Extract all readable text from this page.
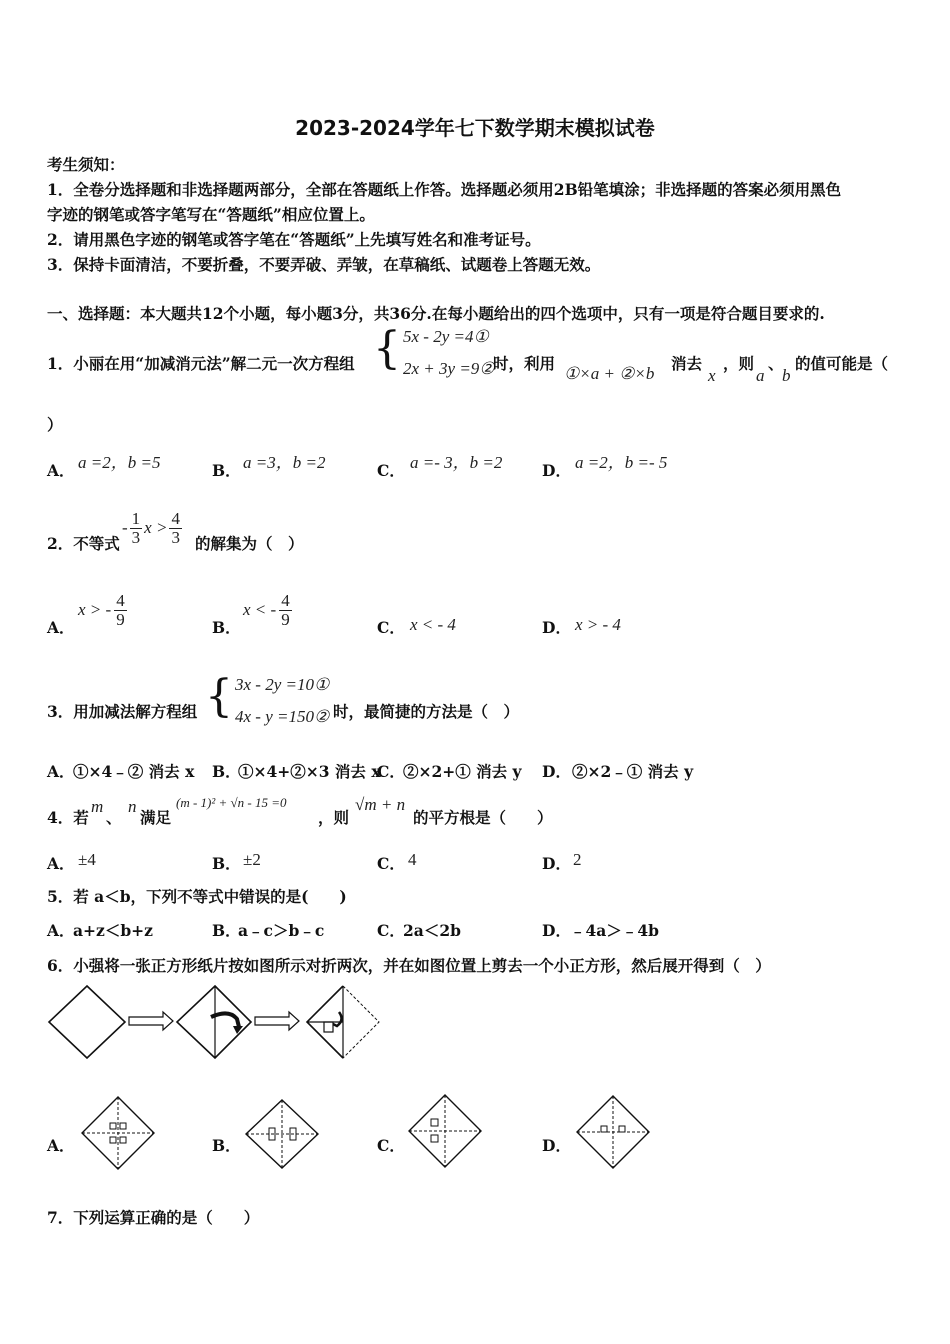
2023-2024学年七下数学期末模拟试卷
考生须知：
1．全卷分选择题和非选择题两部分，全部在答题纸上作答。选择题必须用2B铅笔填涂；非选择题的答案必须用黑色
字迹的钢笔或答字笔写在“答题纸”相应位置上。
2．请用黑色字迹的钢笔或答字笔在“答题纸”上先填写姓名和准考证号。
3．保持卡面清洁，不要折叠，不要弄破、弄皱，在草稿纸、试题卷上答题无效。
一、选择题：本大题共12个小题，每小题3分，共36分.在每小题给出的四个选项中，只有一项是符合题目要求的.
1．小丽在用“加减消元法”解二元一次方程组 { 5x - 2y =4①
2x + 3y =9②
时，利用
①×a + ②×b
消去
x
，则
a
、
b
的值可能是（
）
A． a =2，b =5	B． a =3，b =2	C． a =- 3，b =2	D． a =2，b =- 5
2．不等式
- $\frac{1}{3}$ $x > \frac{4}{3}$ 的解集为（　）
A．
x > - $\frac{4}{9}$	B．
x < - $\frac{4}{9}$	C． x < - 4	D． x > - 4
3．用加减法解方程组 { 3x - 2y =10①
4x - y =150② 时，最简捷的方法是（　）
A．
①×4﹣② 消去 x B．
①×4+②×3 消去 x
C．
②×2+① 消去 y D． ②×2﹣① 消去 y
4．若
m
、
n
满足
(m - 1)² + √n - 15 =0
，则
√m + n
的平方根是（　　）
A． ±4	B． ±2	C． 4	D． 2
5．若 a＜b，下列不等式中错误的是(　　)
A．
a+z＜b+z	B．
a﹣c＞b﹣c	C．
2a＜2b	D． ﹣4a＞﹣4b
6．小强将一张正方形纸片按如图所示对折两次，并在如图位置上剪去一个小正方形，然后展开得到（　）
A．	B．	C．	D．
7．下列运算正确的是（　　）
